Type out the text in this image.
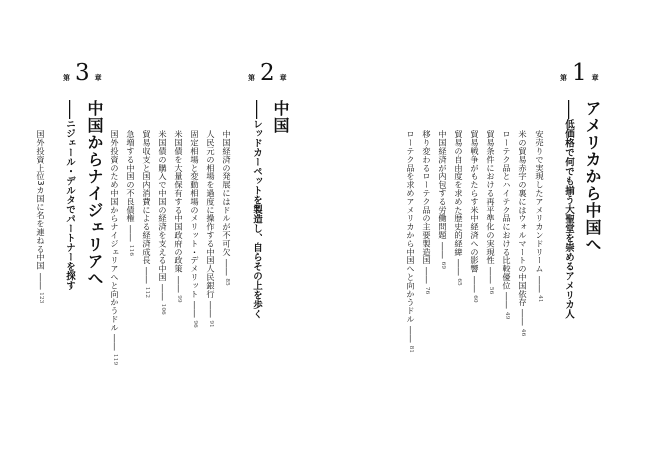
第 1 章
アメリカから中国へ
――低価格で何でも揃う大聖堂を崇めるアメリカ人
安売りで実現したアメリカンドリーム ―― 41
米の貿易赤字の裏にはウォルマートの中国依存 ―― 46
ローテク品とハイテク品における比較優位 ―― 49
貿易条件における再平準化の実現性 ―― 56
貿易戦争がもたらす米中経済への影響 ―― 60
貿易の自由度を求めた歴史的経緯 ―― 65
中国経済が内包する労働問題 ―― 69
移り変わるローテク品の主要製造国 ―― 76
ローテク品を求めアメリカから中国へと向かうドル ―― 81
第 2 章
中国
――レッドカーペットを製造し、自らその上を歩く
中国経済の発展にはドルが不可欠 ―― 85
人民元の相場を過度に操作する中国人民銀行 ―― 91
固定相場と変動相場のメリット・デメリット ―― 96
米国債を大量保有する中国政府の政策 ―― 99
米国債の購入で中国の経済を支える中国 ―― 106
貿易収支と国内消費による経済成長 ―― 112
急増する中国の不良債権 ―― 116
国外投資のため中国からナイジェリアへと向かうドル ―― 119
第 3 章
中国からナイジェリアへ
――ニジェール・デルタでパートナーを探す
国外投資上位3カ国に名を連ねる中国 ―― 123
